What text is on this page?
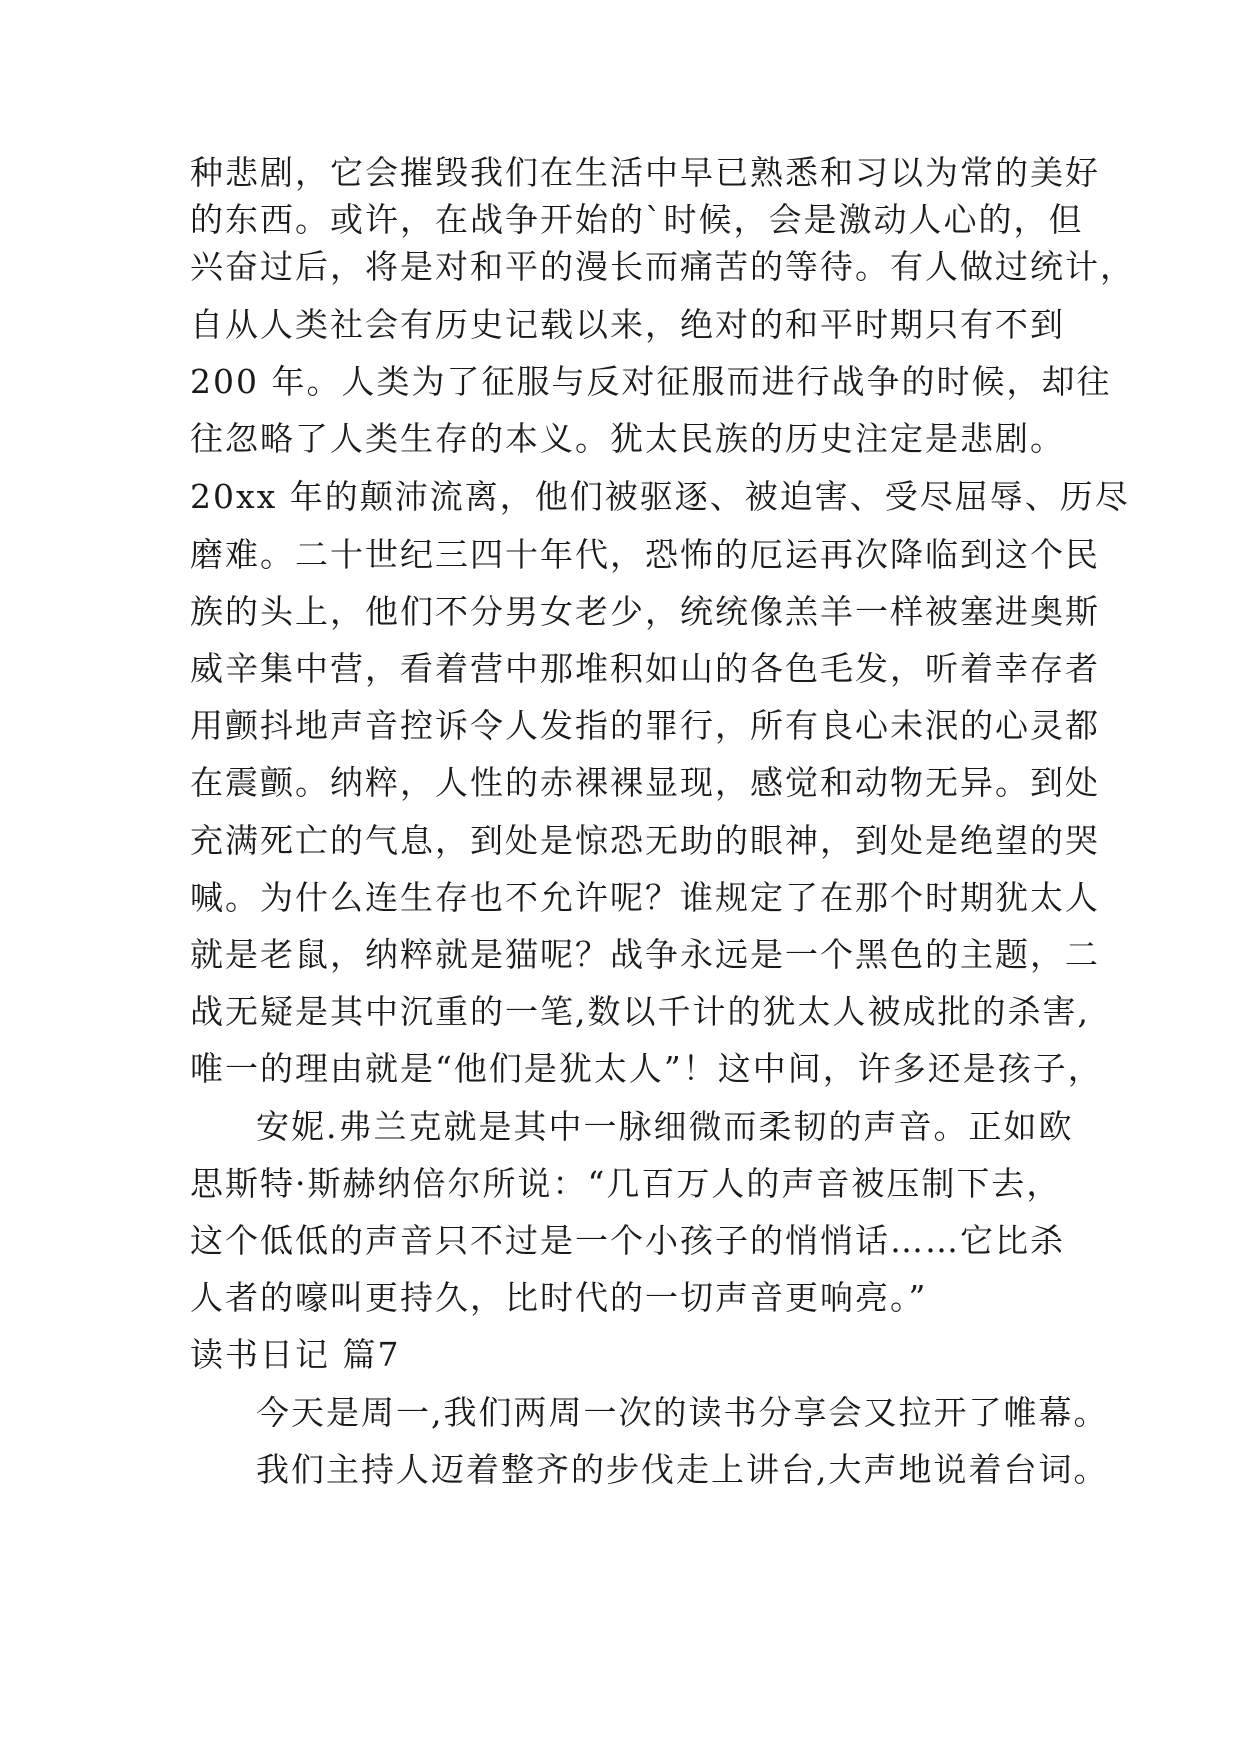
种悲剧，它会摧毁我们在生活中早已熟悉和习以为常的美好
的东西。或许，在战争开始的`时候，会是激动人心的，但
兴奋过后，将是对和平的漫长而痛苦的等待。有人做过统计，
自从人类社会有历史记载以来，绝对的和平时期只有不到
200 年。人类为了征服与反对征服而进行战争的时候，却往
往忽略了人类生存的本义。犹太民族的历史注定是悲剧。
20xx 年的颠沛流离，他们被驱逐、被迫害、受尽屈辱、历尽
磨难。二十世纪三四十年代，恐怖的厄运再次降临到这个民
族的头上，他们不分男女老少，统统像羔羊一样被塞进奥斯
威辛集中营，看着营中那堆积如山的各色毛发，听着幸存者
用颤抖地声音控诉令人发指的罪行，所有良心未泯的心灵都
在震颤。纳粹，人性的赤裸裸显现，感觉和动物无异。到处
充满死亡的气息，到处是惊恐无助的眼神，到处是绝望的哭
喊。为什么连生存也不允许呢？谁规定了在那个时期犹太人
就是老鼠，纳粹就是猫呢？战争永远是一个黑色的主题，二
战无疑是其中沉重的一笔,数以千计的犹太人被成批的杀害,
唯一的理由就是“他们是犹太人”！这中间，许多还是孩子，
安妮.弗兰克就是其中一脉细微而柔韧的声音。正如欧
思斯特·斯赫纳倍尔所说：“几百万人的声音被压制下去，
这个低低的声音只不过是一个小孩子的悄悄话……它比杀
人者的嚎叫更持久，比时代的一切声音更响亮。”
读书日记 篇7
今天是周一,我们两周一次的读书分享会又拉开了帷幕。
我们主持人迈着整齐的步伐走上讲台,大声地说着台词。
